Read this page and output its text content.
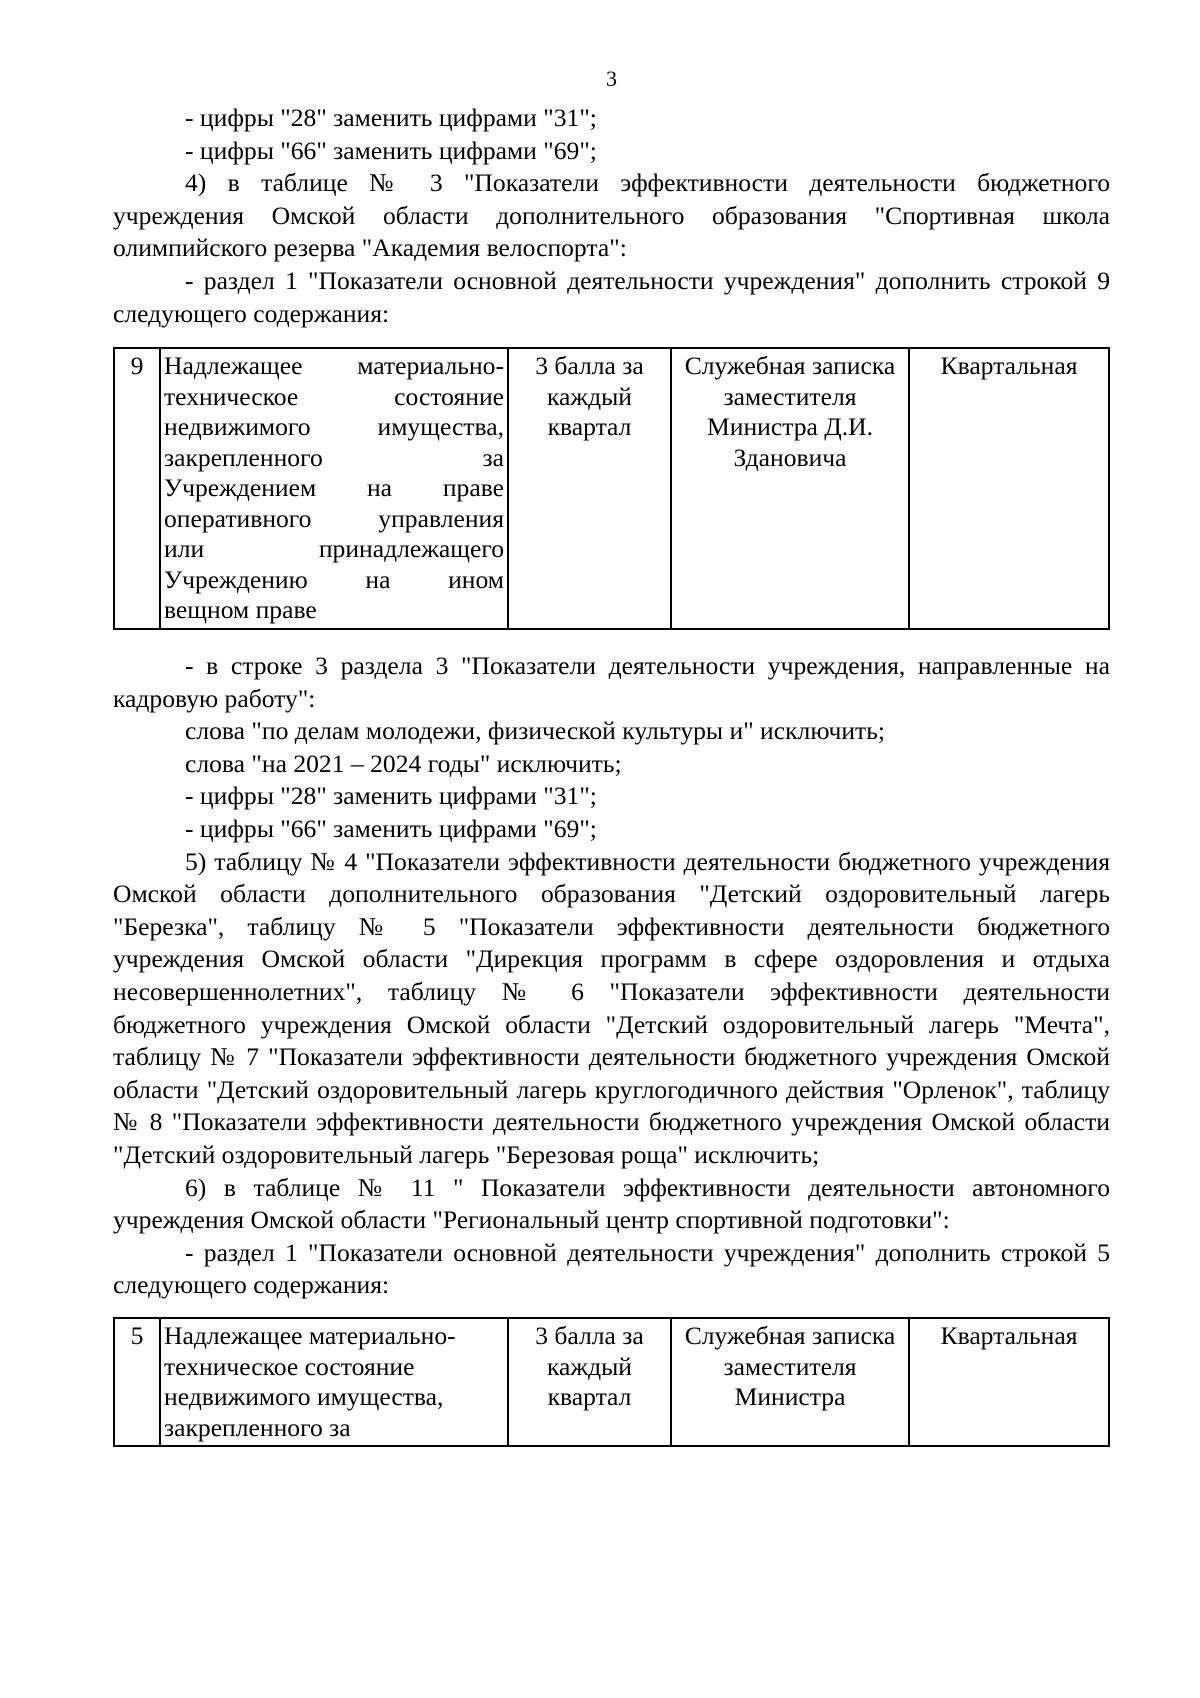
3

- цифры "28" заменить цифрами "31";

- цифры "66" заменить цифрами "69";

4) в таблице № 3 "Показатели эффективности деятельности бюджетного учреждения Омской области дополнительного образования "Спортивная школа олимпийского резерва "Академия велоспорта":

- раздел 1 "Показатели основной деятельности учреждения" дополнить строкой 9 следующего содержания:

9	Надлежащее материально-
техническое состояние
недвижимого имущества,
закрепленного за
Учреждением на праве
оперативного управления
или принадлежащего
Учреждению на ином
вещном праве
	3 балла за каждый квартал	Служебная записка заместителя Министра Д.И. Здановича	Квартальная

- в строке 3 раздела 3 "Показатели деятельности учреждения, направленные на кадровую работу":

слова "по делам молодежи, физической культуры и" исключить;

слова "на 2021 – 2024 годы" исключить;

- цифры "28" заменить цифрами "31";

- цифры "66" заменить цифрами "69";

5) таблицу № 4 "Показатели эффективности деятельности бюджетного учреждения Омской области дополнительного образования "Детский оздоровительный лагерь "Березка", таблицу № 5 "Показатели эффективности деятельности бюджетного учреждения Омской области "Дирекция программ в сфере оздоровления и отдыха несовершеннолетних", таблицу № 6 "Показатели эффективности деятельности бюджетного учреждения Омской области "Детский оздоровительный лагерь "Мечта", таблицу № 7 "Показатели эффективности деятельности бюджетного учреждения Омской области "Детский оздоровительный лагерь круглогодичного действия "Орленок", таблицу № 8 "Показатели эффективности деятельности бюджетного учреждения Омской области "Детский оздоровительный лагерь "Березовая роща" исключить;

6) в таблице № 11 " Показатели эффективности деятельности автономного учреждения Омской области "Региональный центр спортивной подготовки":

- раздел 1 "Показатели основной деятельности учреждения" дополнить строкой 5 следующего содержания:

5	Надлежащее материально-
техническое состояние
недвижимого имущества,
закрепленного за
	3 балла за каждый квартал	Служебная записка заместителя Министра	Квартальная
